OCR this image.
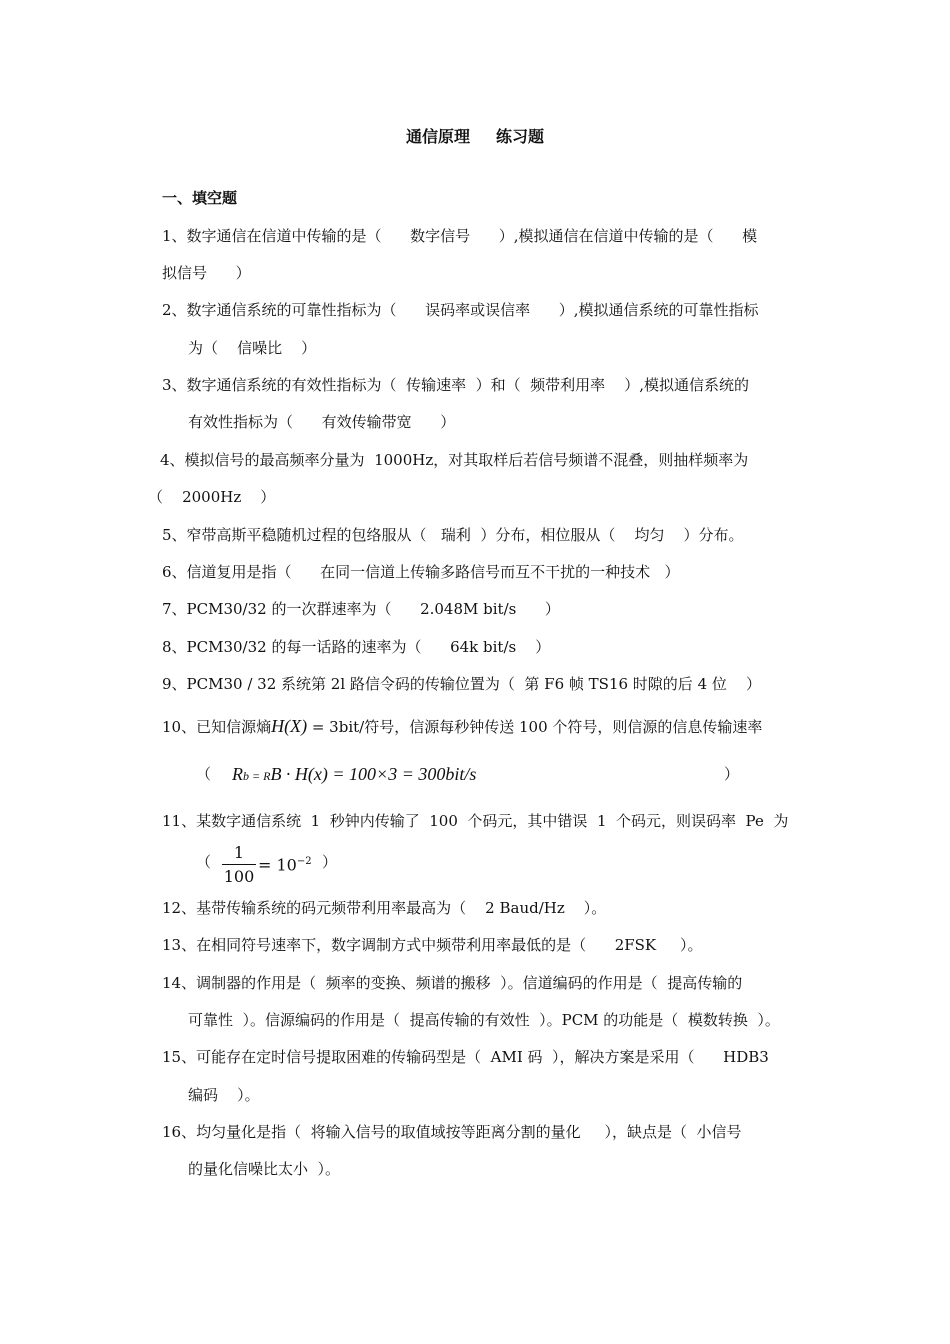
通信原理 练习题
一、填空题
1、数字通信在信道中传输的是（      数字信号      ）,模拟通信在信道中传输的是（      模
拟信号      ）
2、数字通信系统的可靠性指标为（      误码率或误信率      ）,模拟通信系统的可靠性指标
为（    信噪比    ）
3、数字通信系统的有效性指标为（  传输速率  ）和（  频带利用率    ）,模拟通信系统的
有效性指标为（      有效传输带宽      ）
4、模拟信号的最高频率分量为  1000Hz，对其取样后若信号频谱不混叠，则抽样频率为
（    2000Hz    ）
5、窄带高斯平稳随机过程的包络服从（   瑞利  ）分布，相位服从（    均匀    ）分布。
6、信道复用是指（      在同一信道上传输多路信号而互不干扰的一种技术   ）
7、PCM30/32 的一次群速率为（      2.048M bit/s      ）
8、PCM30/32 的每一话路的速率为（      64k bit/s    ）
9、PCM30 / 32 系统第 2l 路信令码的传输位置为（  第 F6 帧 TS16 时隙的后 4 位    ）
10、已知信源熵H(X) = 3bit/符号，信源每秒钟传送 100 个符号，则信源的信息传输速率
（ Rb = RB · H(x) = 100×3 = 300bit/s	）
11、某数字通信系统  1  秒钟内传输了  100  个码元，其中错误  1  个码元，则误码率  Pe  为
（	1
100
= $10^{-2}$ ）
12、基带传输系统的码元频带利用率最高为（    2 Baud/Hz    ）。
13、在相同符号速率下，数字调制方式中频带利用率最低的是（      2FSK     ）。
14、调制器的作用是（  频率的变换、频谱的搬移  ）。信道编码的作用是（  提高传输的
可靠性  ）。信源编码的作用是（  提高传输的有效性  ）。PCM 的功能是（  模数转换  ）。
15、可能存在定时信号提取困难的传输码型是（  AMI 码  ），解决方案是采用（      HDB3
编码    ）。
16、均匀量化是指（  将输入信号的取值域按等距离分割的量化     ），缺点是（  小信号
的量化信噪比太小  ）。
